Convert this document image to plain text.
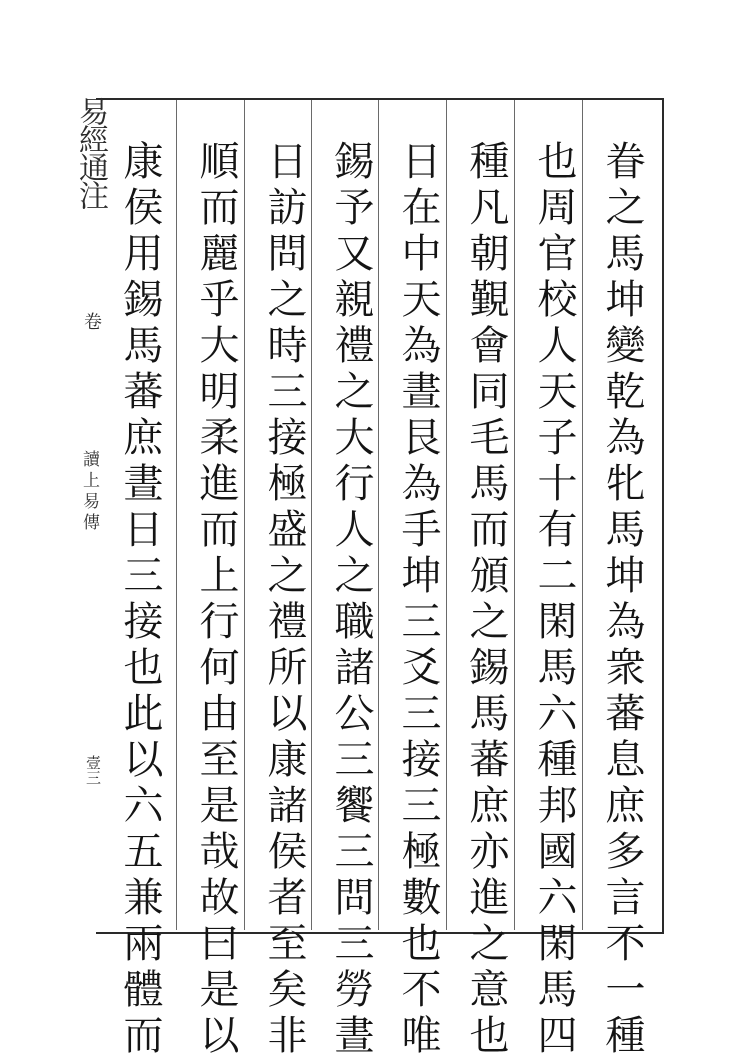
易經通注
卷
讀上易傳
壹三	眷之馬坤變乾為牝馬坤為衆蕃息庶多言不一種
也周官校人天子十有二閑馬六種邦國六閑馬四
種凡朝覲會同毛馬而頒之錫馬蕃庶亦進之意也
日在中天為晝艮為手坤三爻三接三極數也不唯
錫予又親禮之大行人之職諸公三饗三問三勞晝
日訪問之時三接極盛之禮所以康諸侯者至矣非
順而麗乎大明柔進而上行何由至是哉故曰是以
康侯用錫馬蕃庶晝日三接也此以六五兼兩體而
